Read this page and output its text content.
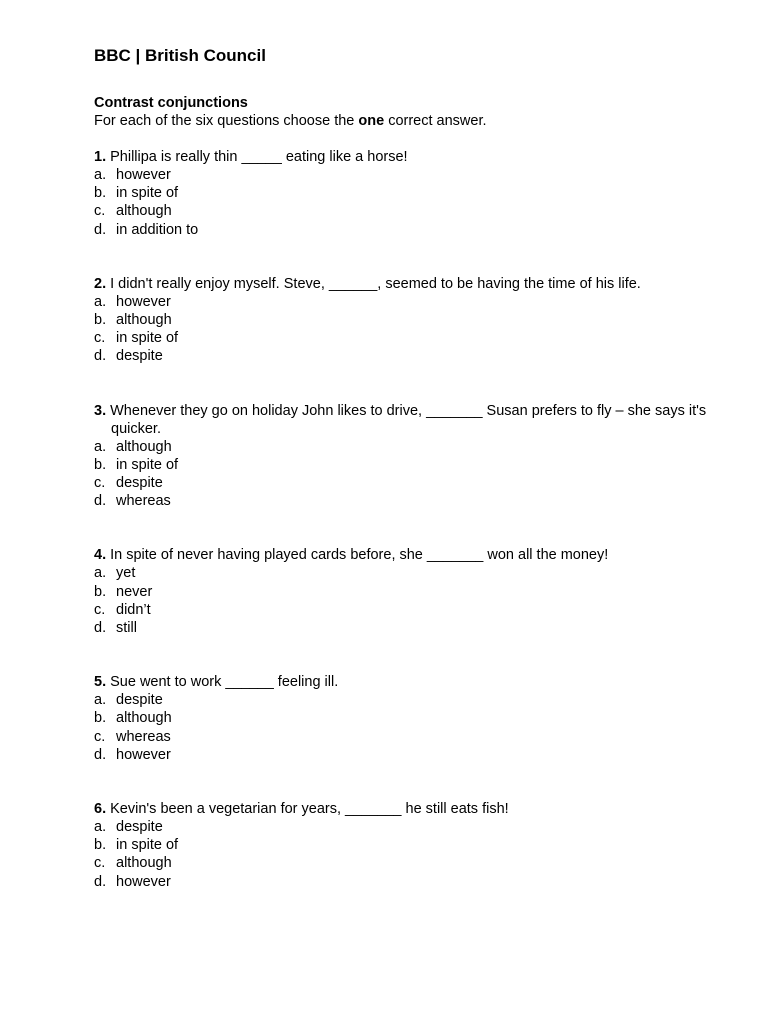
BBC | British Council
Contrast conjunctions
For each of the six questions choose the one correct answer.
1. Phillipa is really thin _____ eating like a horse!
a. however
b. in spite of
c. although
d. in addition to
2. I didn't really enjoy myself. Steve, ______, seemed to be having the time of his life.
a. however
b. although
c. in spite of
d. despite
3. Whenever they go on holiday John likes to drive, _______ Susan prefers to fly – she says it's quicker.
a. although
b. in spite of
c. despite
d. whereas
4. In spite of never having played cards before, she _______ won all the money!
a. yet
b. never
c. didn’t
d. still
5. Sue went to work ______ feeling ill.
a. despite
b. although
c. whereas
d. however
6. Kevin's been a vegetarian for years, _______ he still eats fish!
a. despite
b. in spite of
c. although
d. however
